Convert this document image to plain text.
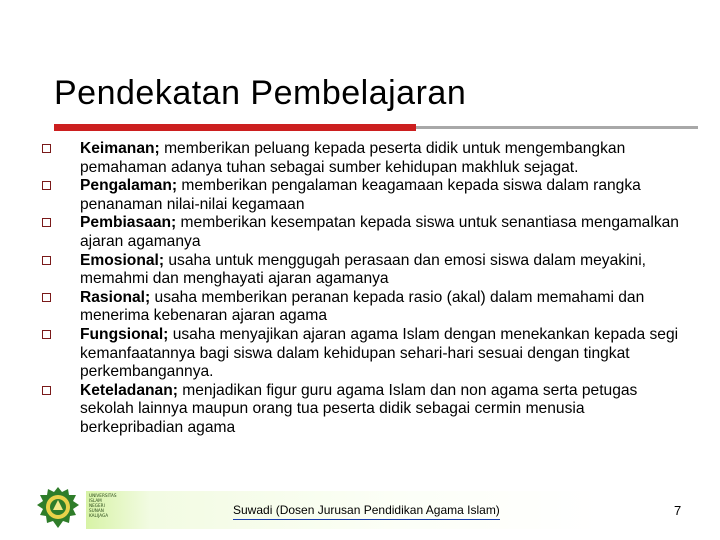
Pendekatan Pembelajaran
Keimanan; memberikan peluang kepada peserta didik untuk mengembangkan pemahaman adanya tuhan sebagai sumber kehidupan makhluk sejagat.
Pengalaman; memberikan pengalaman keagamaan kepada siswa dalam rangka penanaman nilai-nilai kegamaan
Pembiasaan; memberikan kesempatan kepada siswa untuk senantiasa mengamalkan ajaran agamanya
Emosional; usaha untuk menggugah perasaan dan emosi siswa dalam meyakini, memahmi dan menghayati ajaran agamanya
Rasional; usaha memberikan peranan kepada rasio (akal) dalam memahami dan menerima kebenaran ajaran agama
Fungsional; usaha menyajikan ajaran agama Islam dengan menekankan kepada segi kemanfaatannya bagi siswa dalam kehidupan sehari-hari sesuai dengan tingkat perkembangannya.
Keteladanan; menjadikan figur guru agama Islam dan non agama serta petugas sekolah lainnya maupun orang tua peserta didik sebagai cermin menusia berkepribadian agama
UNIVERSITAS
ISLAM
NEGERI
SUNAN
KALIJAGA	Suwadi (Dosen Jurusan Pendidikan Agama Islam)	7
